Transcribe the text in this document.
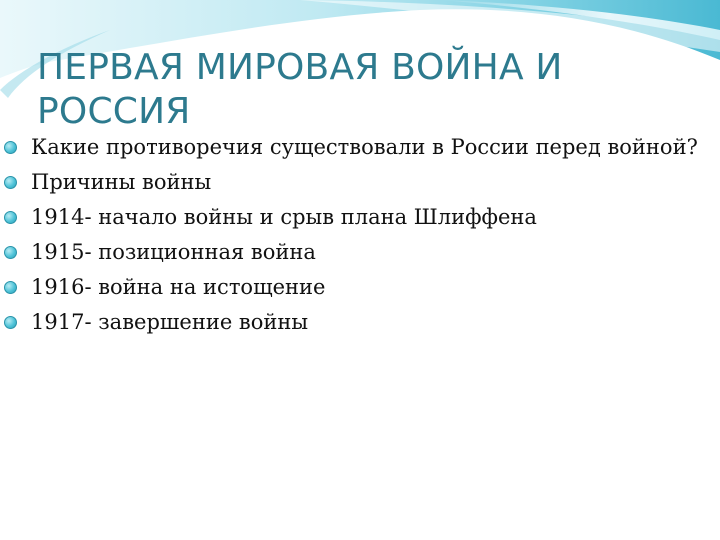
ПЕРВАЯ МИРОВАЯ ВОЙНА И РОССИЯ
Какие противоречия существовали в России перед войной?
Причины войны
1914- начало войны и срыв плана Шлиффена
1915- позиционная война
1916- война на истощение
1917- завершение войны
